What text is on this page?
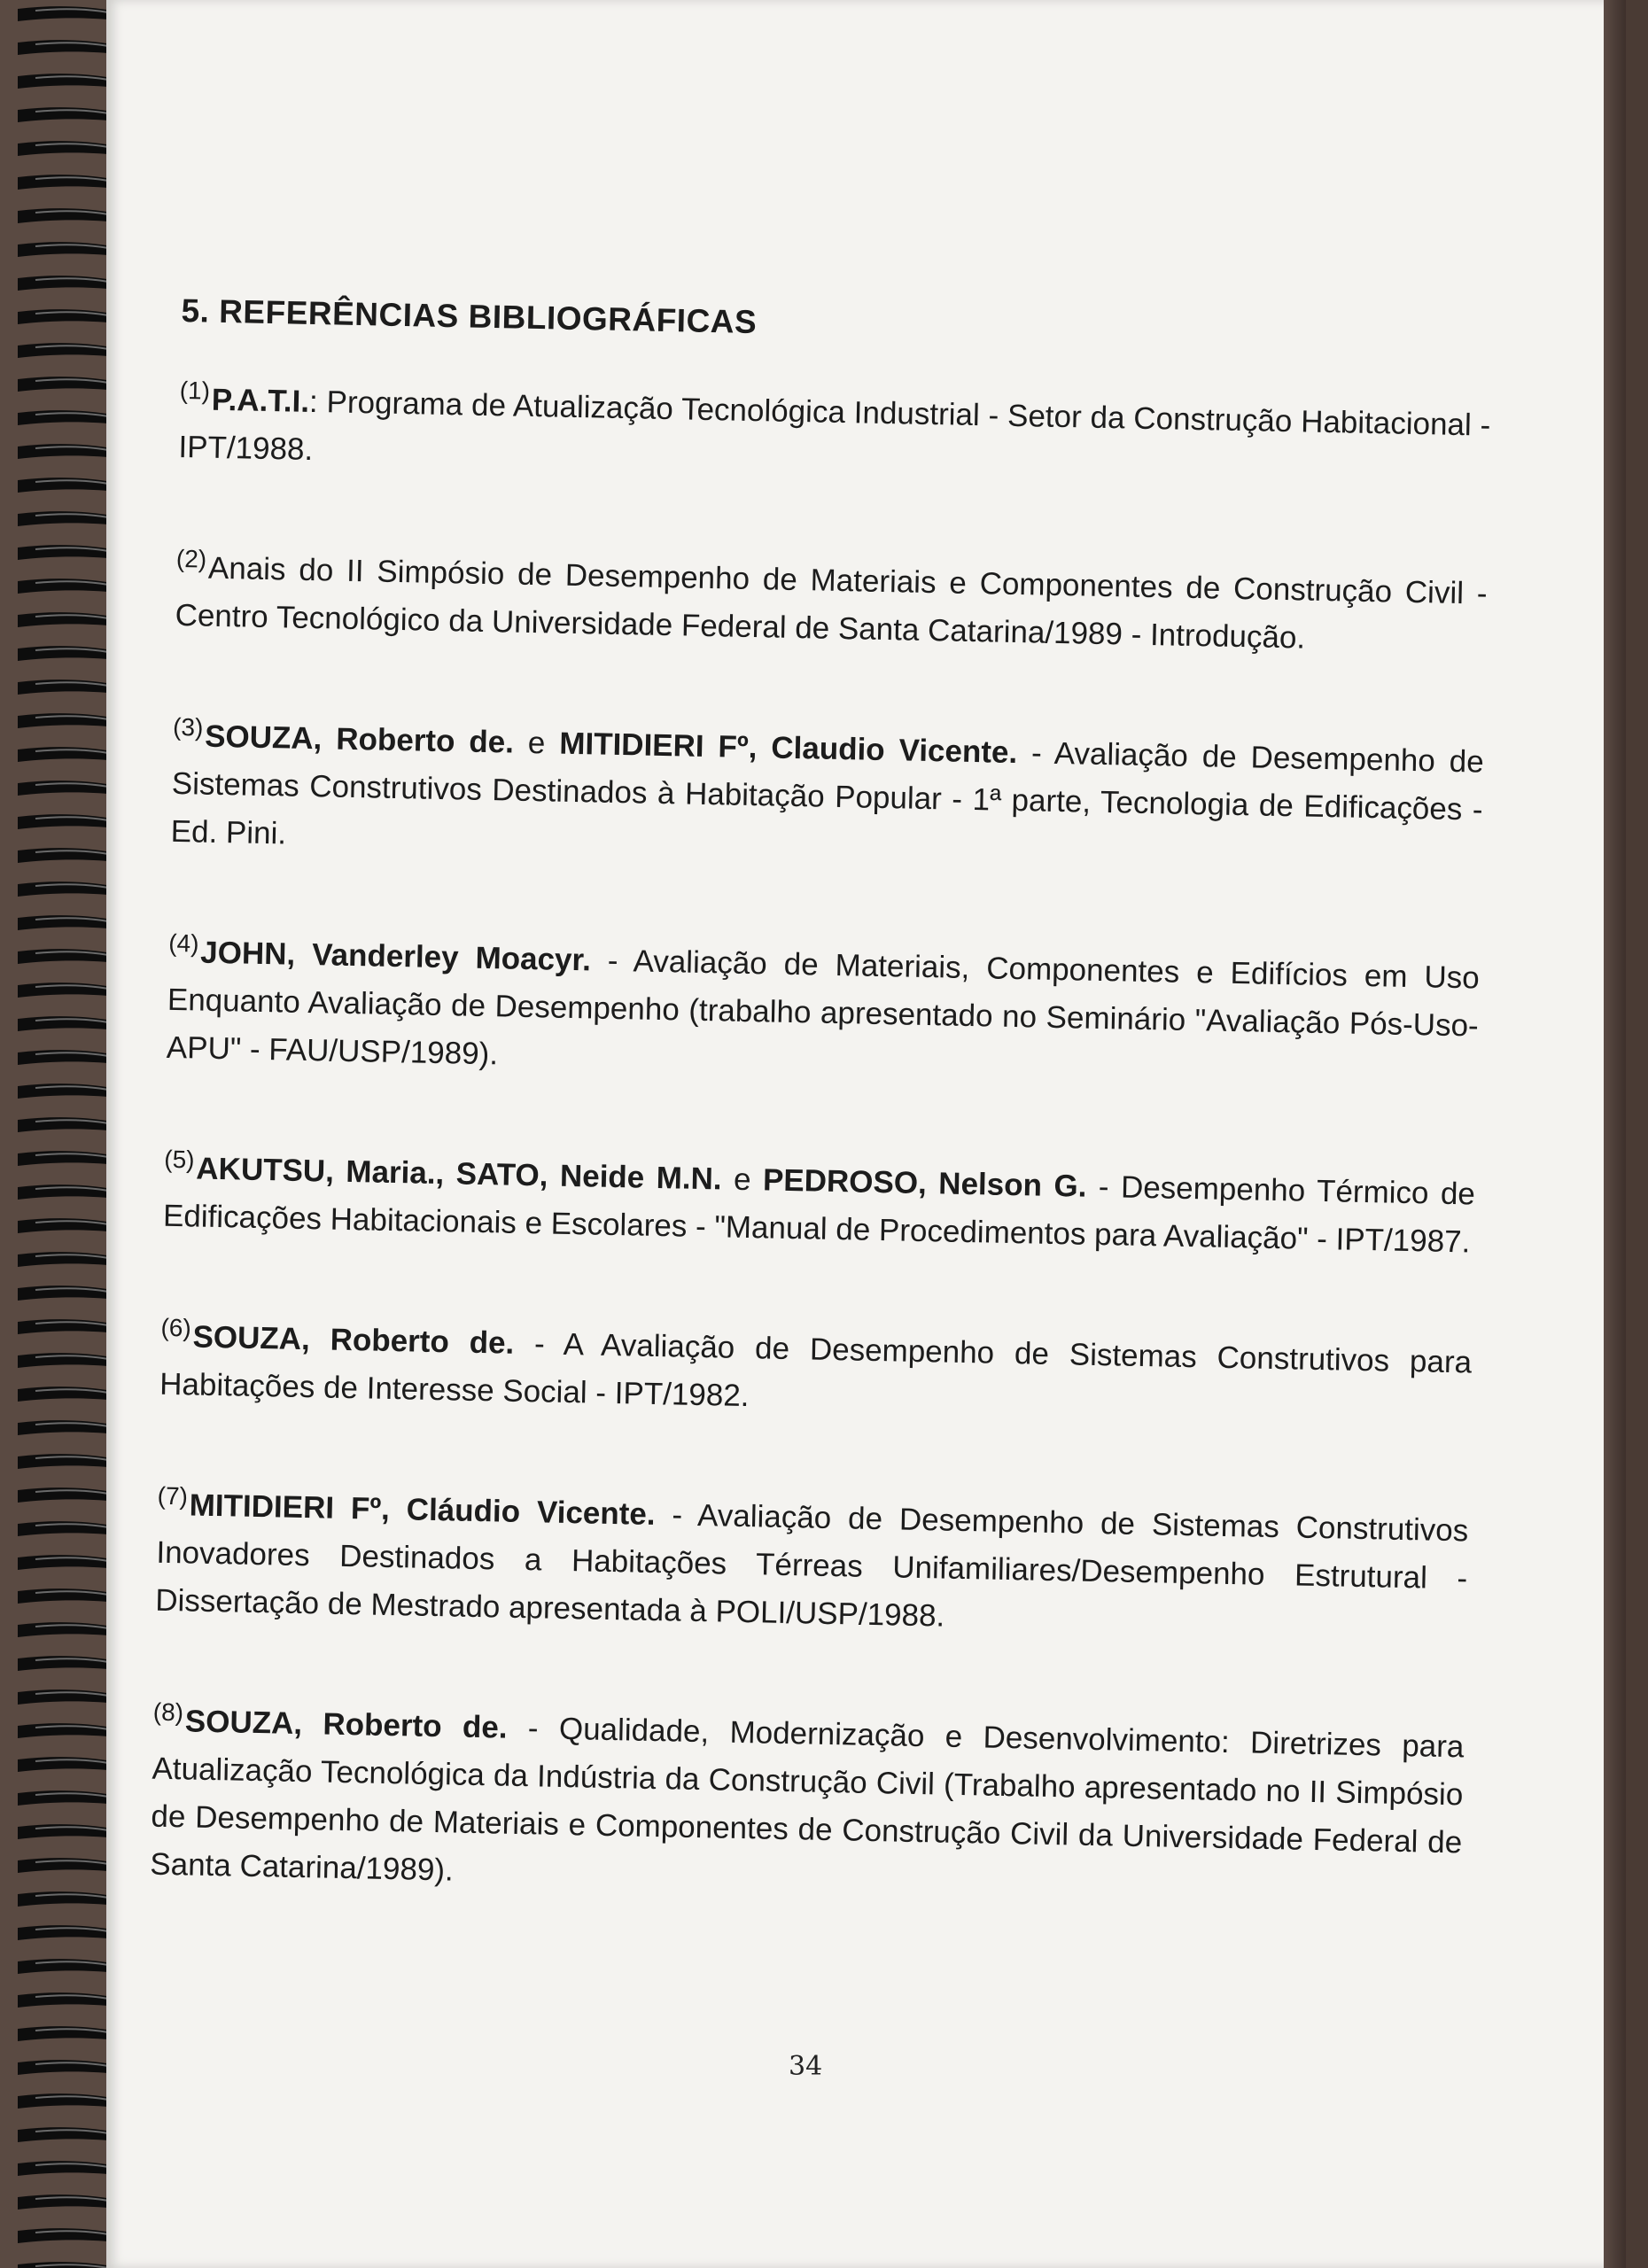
5. REFERÊNCIAS BIBLIOGRÁFICAS
$^{(1)}$P.A.T.I.: Programa de Atualização Tecnológica Industrial - Setor da Construção Habitacional - IPT/1988.
$^{(2)}$Anais do II Simpósio de Desempenho de Materiais e Componentes de Construção Civil - Centro Tecnológico da Universidade Federal de Santa Catarina/1989 - Introdução.
$^{(3)}$SOUZA, Roberto de. e MITIDIERI Fº, Claudio Vicente. - Avaliação de Desempenho de Sistemas Construtivos Destinados à Habitação Popular - 1ª parte, Tecnologia de Edificações - Ed. Pini.
$^{(4)}$JOHN, Vanderley Moacyr. - Avaliação de Materiais, Componentes e Edifícios em Uso Enquanto Avaliação de Desempenho (trabalho apresentado no Seminário "Avaliação Pós-Uso-APU" - FAU/USP/1989).
$^{(5)}$AKUTSU, Maria., SATO, Neide M.N. e PEDROSO, Nelson G. - Desempenho Térmico de Edificações Habitacionais e Escolares - "Manual de Procedimentos para Avaliação" - IPT/1987.
$^{(6)}$SOUZA, Roberto de. - A Avaliação de Desempenho de Sistemas Construtivos para Habitações de Interesse Social - IPT/1982.
$^{(7)}$MITIDIERI Fº, Cláudio Vicente. - Avaliação de Desempenho de Sistemas Construtivos Inovadores Destinados a Habitações Térreas Unifamiliares/Desempenho Estrutural - Dissertação de Mestrado apresentada à POLI/USP/1988.
$^{(8)}$SOUZA, Roberto de. - Qualidade, Modernização e Desenvolvimento: Diretrizes para Atualização Tecnológica da Indústria da Construção Civil (Trabalho apresentado no II Simpósio de Desempenho de Materiais e Componentes de Construção Civil da Universidade Federal de Santa Catarina/1989).
34
